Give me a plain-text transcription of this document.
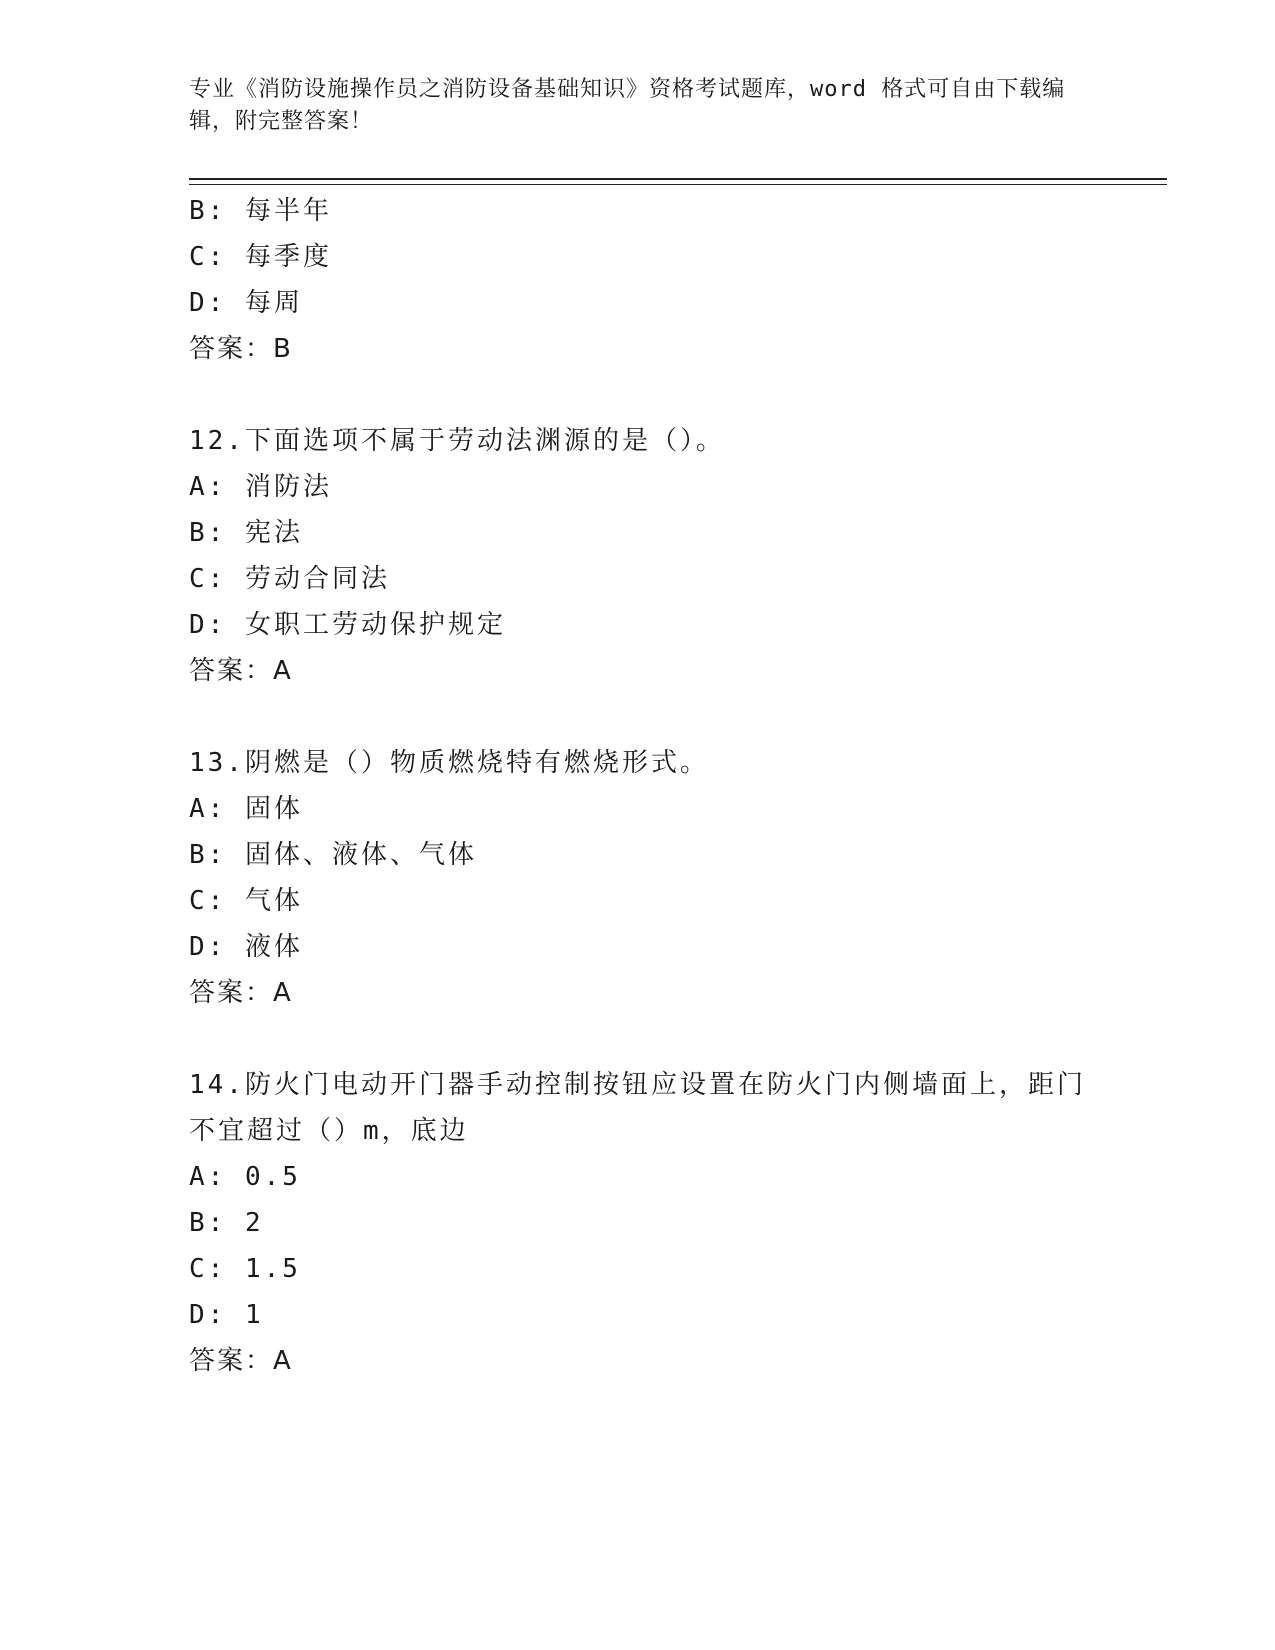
专业《消防设施操作员之消防设备基础知识》资格考试题库，word 格式可自由下载编辑，附完整答案！
B: 每半年
C: 每季度
D: 每周
答案：B
12.下面选项不属于劳动法渊源的是（）。
A: 消防法
B: 宪法
C: 劳动合同法
D: 女职工劳动保护规定
答案：A
13.阴燃是（）物质燃烧特有燃烧形式。
A: 固体
B: 固体、液体、气体
C: 气体
D: 液体
答案：A
14.防火门电动开门器手动控制按钮应设置在防火门内侧墙面上，距门不宜超过（）m，底边
A: 0.5
B: 2
C: 1.5
D: 1
答案：A
